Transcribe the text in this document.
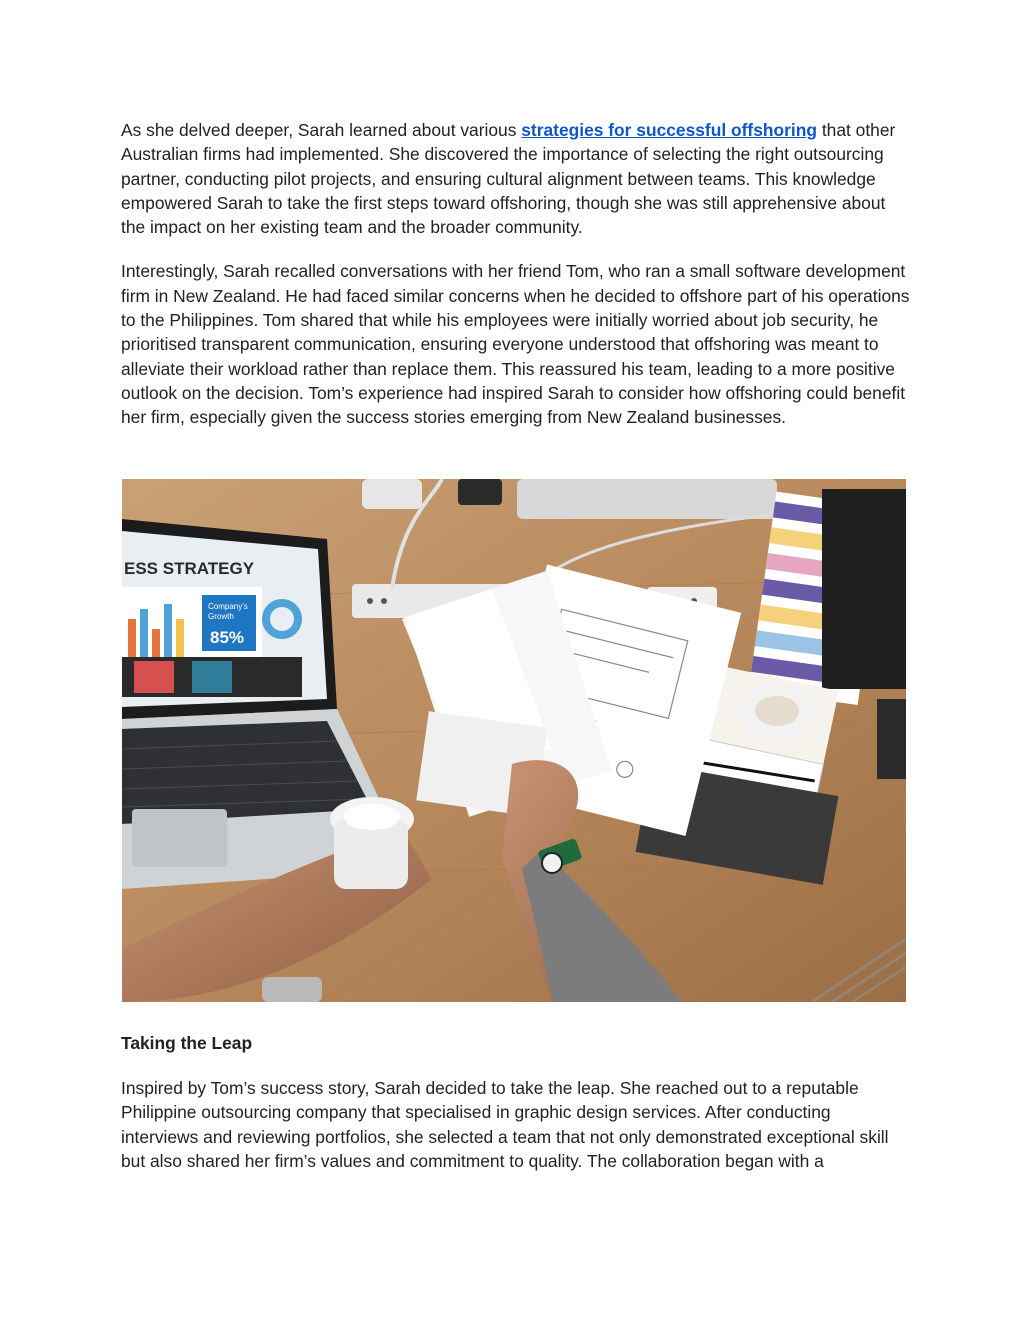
As she delved deeper, Sarah learned about various strategies for successful offshoring that other Australian firms had implemented. She discovered the importance of selecting the right outsourcing partner, conducting pilot projects, and ensuring cultural alignment between teams. This knowledge empowered Sarah to take the first steps toward offshoring, though she was still apprehensive about the impact on her existing team and the broader community.

Interestingly, Sarah recalled conversations with her friend Tom, who ran a small software development firm in New Zealand. He had faced similar concerns when he decided to offshore part of his operations to the Philippines. Tom shared that while his employees were initially worried about job security, he prioritised transparent communication, ensuring everyone understood that offshoring was meant to alleviate their workload rather than replace them. This reassured his team, leading to a more positive outlook on the decision. Tom’s experience had inspired Sarah to consider how offshoring could benefit her firm, especially given the success stories emerging from New Zealand businesses.

ESS STRATEGY
Company's
Growth
85%

Taking the Leap

Inspired by Tom’s success story, Sarah decided to take the leap. She reached out to a reputable Philippine outsourcing company that specialised in graphic design services. After conducting interviews and reviewing portfolios, she selected a team that not only demonstrated exceptional skill but also shared her firm’s values and commitment to quality. The collaboration began with a
